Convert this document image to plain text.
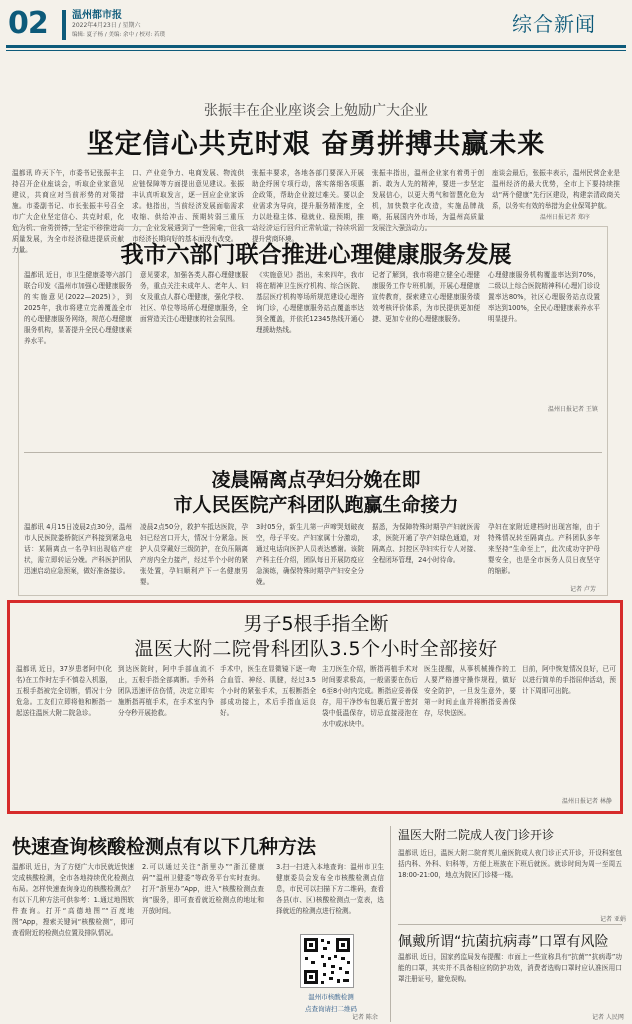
02 温州都市报
2022年4月23日 / 星期六
编辑: 夏子杨 / 美编: 余中 / 校对: 若璞	综合新闻
张振丰在企业座谈会上勉励广大企业
坚定信心共克时艰 奋勇拼搏共赢未来
温都讯 昨天下午，市委书记张振丰主持召开企业座谈会，听取企业家意见建议，共商应对当前形势的对策措施。市委副书记、市长张振丰号召全市广大企业坚定信心、共克时艰，化危为机、奋勇拼搏，坚定不移推进高质量发展，为全市经济稳进提质贡献力量。
口、产业竞争力、电商发展、物流供应链保障等方面提出意见建议。张振丰认真听取发言，逐一回应企业家诉求。他指出，当前经济发展面临需求收缩、供给冲击、预期转弱三重压力，企业发展遇到了一些困难，但我市经济长期向好的基本面没有改变。
张振丰要求，各地各部门要深入开展助企纾困专项行动，落实落细各项惠企政策，帮助企业渡过难关。要以企业需求为导向，提升服务精准度，全力以赴稳主体、稳就业、稳预期，推动经济运行回归正常轨道，持续巩固提升营商环境。
张振丰指出，温州企业家有着勇于创新、敢为人先的精神，要进一步坚定发展信心，以更大勇气和智慧化危为机，加快数字化改造，实施品牌战略，拓展国内外市场，为温州高质量发展注入强劲动力。
座谈会最后，张振丰表示，温州民营企业是温州经济的最大优势，全市上下要持续推动“两个健康”先行区建设，构建亲清政商关系，以务实有效的举措为企业保驾护航。
温州日报记者 郑序
我市六部门联合推进心理健康服务发展
温都讯 近日，市卫生健康委等六部门联合印发《温州市加强心理健康服务的实施意见(2022—2025)》，到2025年，我市将建立完善覆盖全市的心理健康服务网络，规范心理健康服务机构，显著提升全民心理健康素养水平。
意见要求，加强各类人群心理健康服务，重点关注未成年人、老年人、妇女及重点人群心理健康，强化学校、社区、单位等场所心理健康服务，全面营造关注心理健康的社会氛围。
《实施意见》指出，未来四年，我市将在精神卫生医疗机构、综合医院、基层医疗机构等场所规范建设心理咨询门诊，心理健康服务站点覆盖率达到全覆盖，并依托12345热线开通心理援助热线。
记者了解到，我市将建立健全心理健康服务工作专班机制，开展心理健康宣传教育，探索建立心理健康服务绩效考核评价体系，为市民提供更加便捷、更加专业的心理健康服务。
心理健康服务机构覆盖率达到70%，二级以上综合医院精神科(心理)门诊设置率达80%，社区心理服务站点设置率达到100%，全民心理健康素养水平明显提升。
温州日报记者 王镇
凌晨隔离点孕妇分娩在即
市人民医院产科团队跑赢生命接力
温都讯 4月15日凌晨2点30分，温州市人民医院娄桥院区产科接到紧急电话：某隔离点一名孕妇出现临产症状，需立即转运分娩。产科医护团队迅速启动应急预案，做好准备接诊。
凌晨2点50分，救护车抵达医院，孕妇已经宫口开大，情况十分紧急。医护人员穿戴好三级防护，在负压隔离产房内全力接产，经过半个小时的紧张处置，孕妇顺利产下一名健康男婴。
3时05分，新生儿第一声啼哭划破夜空，母子平安。产妇家属十分激动，通过电话向医护人员表达感谢。该院产科主任介绍，团队每日开展防疫应急演练，确保特殊时期孕产妇安全分娩。
据悉，为保障特殊时期孕产妇就医需求，医院开通了孕产妇绿色通道，对隔离点、封控区孕妇实行专人对接、全程闭环管理，24小时待命。
孕妇在家附近建档时出现宫缩，由于特殊情况转至隔离点。产科团队多年来坚持“生命至上”，此次成功守护母婴安全，也是全市医务人员日夜坚守的缩影。
记者 卢芳
男子5根手指全断
温医大附二院骨科团队3.5个小时全部接好
温都讯 近日，37岁患者阿中(化名)在工作时左手不慎卷入机器，五根手指被完全切断，情况十分危急。工友们立即将他和断指一起送往温医大附二院急诊。
到达医院时，阿中手部血流不止，五根手指全部离断。手外科团队迅速评估伤情，决定立即实施断指再植手术，在手术室内争分夺秒开展抢救。
手术中，医生在显微镜下逐一吻合血管、神经、肌腱，经过3.5个小时的紧张手术，五根断指全部成功接上，术后手指血运良好。
主刀医生介绍，断指再植手术对时间要求极高，一般需要在伤后6至8小时内完成。断指应妥善保存，用干净纱布包裹后置于密封袋中低温保存，切忌直接浸泡在水中或冰块中。
医生提醒，从事机械操作的工人要严格遵守操作规程，做好安全防护，一旦发生意外，要第一时间止血并将断指妥善保存，尽快送医。
目前，阿中恢复情况良好，已可以进行简单的手指屈伸活动，预计下周即可出院。
温州日报记者 林静
快速查询核酸检测点有以下几种方法
温都讯 近日，为了方便广大市民就近快速完成核酸检测，全市各地持续优化检测点布局。怎样快速查询身边的核酸检测点？有以下几种方法可供参考：1.通过地图软件查询。打开“高德地图”“百度地图”App，搜索关键词“核酸检测”，即可查看附近的检测点位置及排队情况。
2.可以通过关注“浙里办”“浙江健康码”“温州卫健委”等政务平台实时查询。打开“浙里办”App，进入“核酸检测点查询”服务，即可查看就近检测点的地址和开放时间。
3.扫一扫进入本地查询：温州市卫生健康委员会发布全市核酸检测点信息，市民可以扫描下方二维码，查看各县(市、区)核酸检测点一览表，选择就近的检测点进行检测。
记者 陈余
温州市核酸检测
点查询请扫二维码
温医大附二院成人夜门诊开诊
温都讯 近日，温医大附二院育英儿童医院成人夜门诊正式开诊，开设科室包括内科、外科、妇科等，方便上班族在下班后就医。就诊时间为周一至周五18:00-21:00，地点为院区门诊楼一楼。
记者 亚娟
佩戴所谓“抗菌抗病毒”口罩有风险
温都讯 近日，国家药监局发布提醒：市面上一些宣称具有“抗菌”“抗病毒”功能的口罩，其实并不具备相应的防护功效，消费者选购口罩时应认准医用口罩注册证号，避免误购。
记者 人民网
